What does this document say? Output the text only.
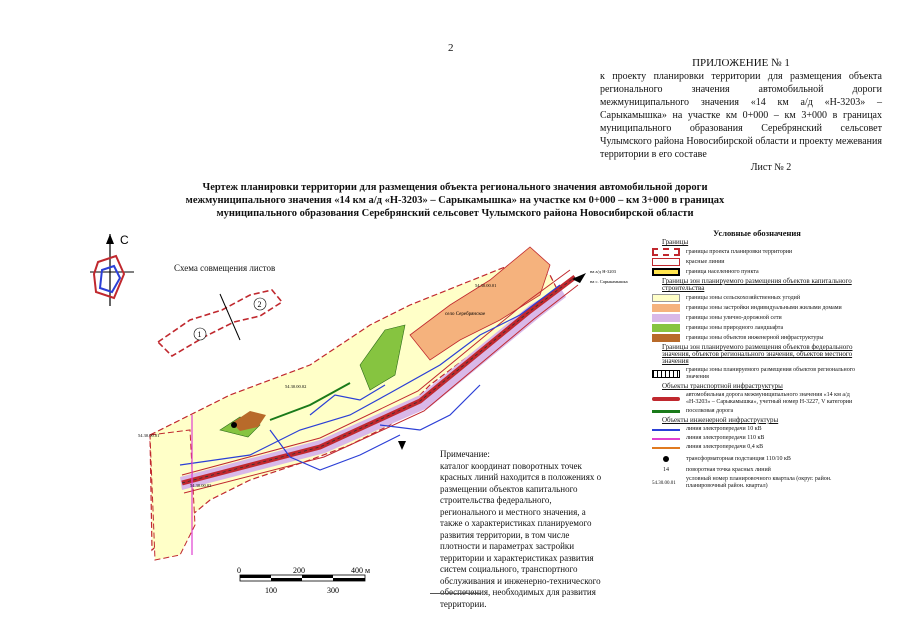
2
ПРИЛОЖЕНИЕ № 1
к проекту планировки территории для размещения объекта регионального значения автомобильной дороги межмуниципального значения «14 км а/д «Н-3203» – Сарыкамышка» на участке км 0+000 – км 3+000 в границах муниципального образования Серебрянский сельсовет Чулымского района Новосибирской области и проекту межевания территории в его составе
Лист № 2
Чертеж планировки территории для размещения объекта регионального значения автомобильной дороги межмуниципального значения «14 км а/д «Н-3203» – Сарыкамышка» на участке км 0+000 – км 3+000 в границах муниципального образования Серебрянский сельсовет Чулымского района Новосибирской области
С
Схема совмещения листов
1
2
село Серебрянское
54.30.00.01
54.30.00.02
54.30.00.01
54.30.00.03
на а/д Н-3203
на с. Сарыкамышка
Примечание:
каталог координат поворотных точек красных линий находится в положениях о размещении объектов капитального строительства федерального, регионального и местного значения, а также о характеристиках планируемого развития территории, в том числе плотности и параметрах застройки территории и характеристиках развития систем социального, транспортного обслуживания и инженерно-технического обеспечения, необходимых для развития территории.
0	200	400 м
100	300
Условные обозначения
Границы
границы проекта планировки территории
красные линии
граница населенного пункта
Границы зон планируемого размещения объектов капитального строительства
границы зоны сельскохозяйственных угодий
границы зоны застройки индивидуальными жилыми домами
границы зоны улично-дорожной сети
границы зоны природного ландшафта
границы зоны объектов инженерной инфраструктуры
Границы зон планируемого размещения объектов федерального значения, объектов регионального значения, объектов местного значения
границы зоны планируемого размещения объектов регионального значения
Объекты транспортной инфраструктуры
автомобильная дорога межмуниципального значения «14 км а/д «Н-3203» – Сарыкамышка», учетный номер Н-3227, V категории
поселковая дорога
Объекты инженерной инфраструктуры
линия электропередачи 10 кВ
линия электропередачи 110 кВ
линия электропередачи 0,4 кВ
трансформаторная подстанция 110/10 кВ
14	поворотная точка красных линий
54.30.00.01
условный номер планировочного квартала (округ. район. планировочный район. квартал)
